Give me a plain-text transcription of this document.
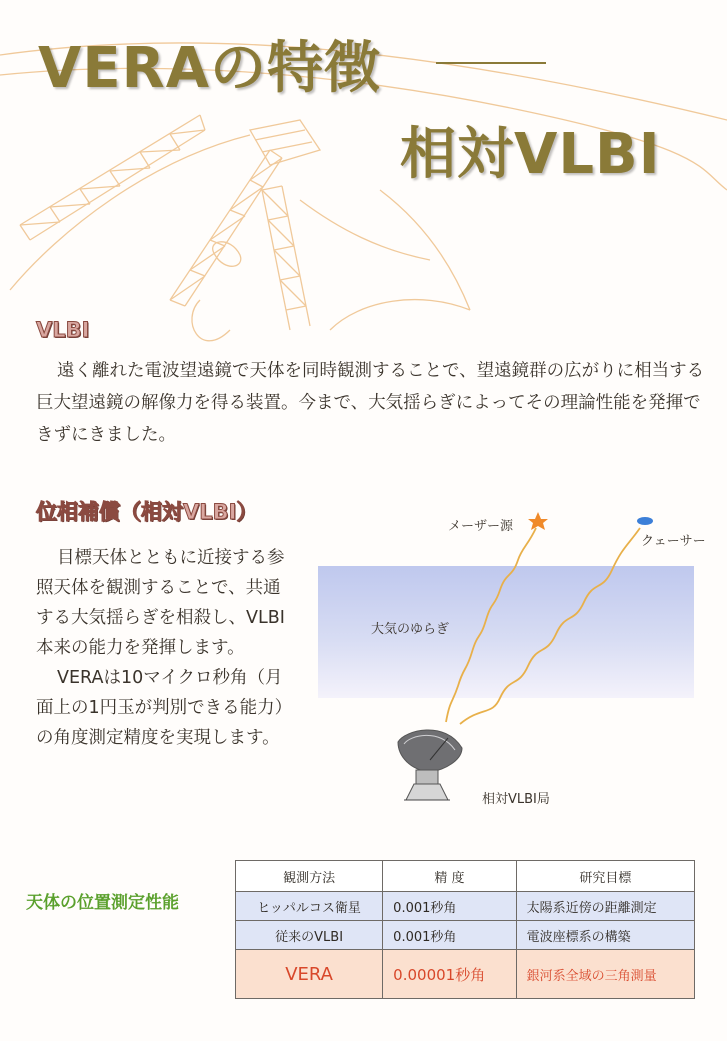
VERAの特徴
相対VLBI
VLBI
遠く離れた電波望遠鏡で天体を同時観測することで、望遠鏡群の広がりに相当する巨大望遠鏡の解像力を得る装置。今まで、大気揺らぎによってその理論性能を発揮できずにきました。
位相補償（相対VLBI）

目標天体とともに近接する参照天体を観測することで、共通する大気揺らぎを相殺し、VLBI本来の能力を発揮します。

VERAは10マイクロ秒角（月面上の1円玉が判別できる能力）の角度測定精度を実現します。

メーザー源
クェーサー
大気のゆらぎ
相対VLBI局
天体の位置測定性能
観測方法	精 度	研究目標
ヒッパルコス衛星	0.001秒角	太陽系近傍の距離測定
従来のVLBI	0.001秒角	電波座標系の構築
VERA	0.00001秒角	銀河系全域の三角測量
